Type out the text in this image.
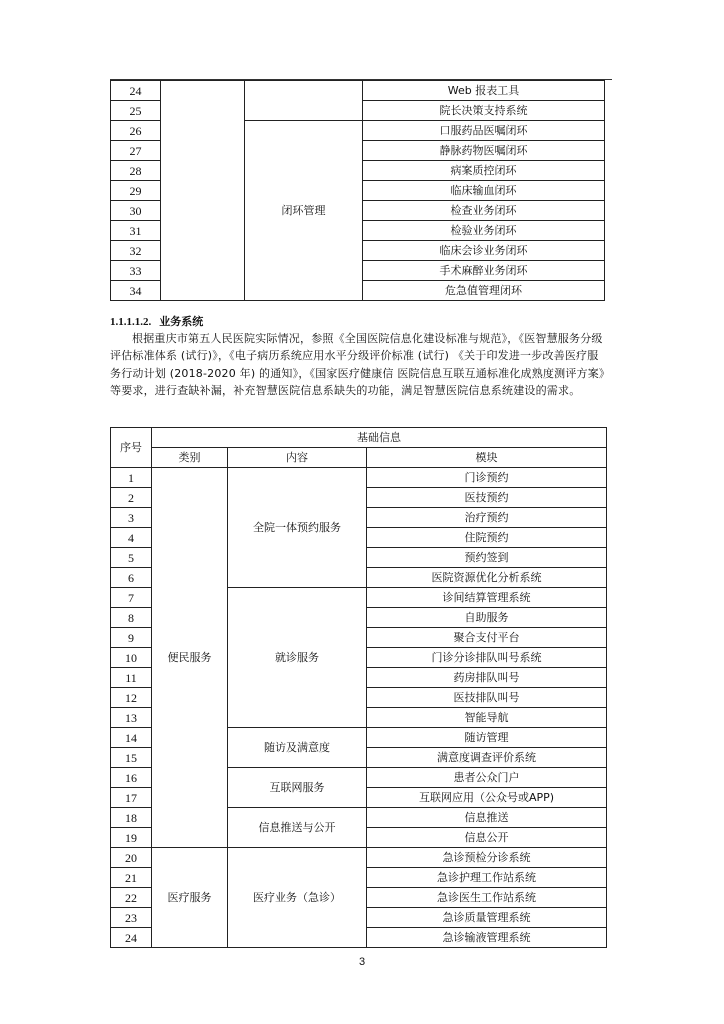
24			Web 报表工具
25			院长决策支持系统
26		闭环管理	口服药品医嘱闭环
27			静脉药物医嘱闭环
28			病案质控闭环
29			临床输血闭环
30			检查业务闭环
31			检验业务闭环
32			临床会诊业务闭环
33			手术麻醉业务闭环
34			危急值管理闭环
1.1.1.1.2. 业务系统
根据重庆市第五人民医院实际情况，参照《全国医院信息化建设标准与规范》，《医智慧服务分级评估标准体系 (试行)》，《电子病历系统应用水平分级评价标准 (试行) 《关于印发进一步改善医疗服务行动计划 (2018-2020 年) 的通知》，《国家医疗健康信 医院信息互联互通标准化成熟度测评方案》等要求，进行查缺补漏，补充智慧医院信息系缺失的功能，满足智慧医院信息系统建设的需求。
序号	基础信息		
	类别	内容	模块
1	便民服务	全院一体预约服务	门诊预约
2			医技预约
3			治疗预约
4			住院预约
5			预约签到
6			医院资源优化分析系统
7		就诊服务	诊间结算管理系统
8			自助服务
9			聚合支付平台
10			门诊分诊排队叫号系统
11			药房排队叫号
12			医技排队叫号
13			智能导航
14		随访及满意度	随访管理
15			满意度调查评价系统
16		互联网服务	患者公众门户
17			互联网应用（公众号或APP)
18		信息推送与公开	信息推送
19			信息公开
20	医疗服务	医疗业务（急诊）	急诊预检分诊系统
21			急诊护理工作站系统
22			急诊医生工作站系统
23			急诊质量管理系统
24			急诊输液管理系统
3
